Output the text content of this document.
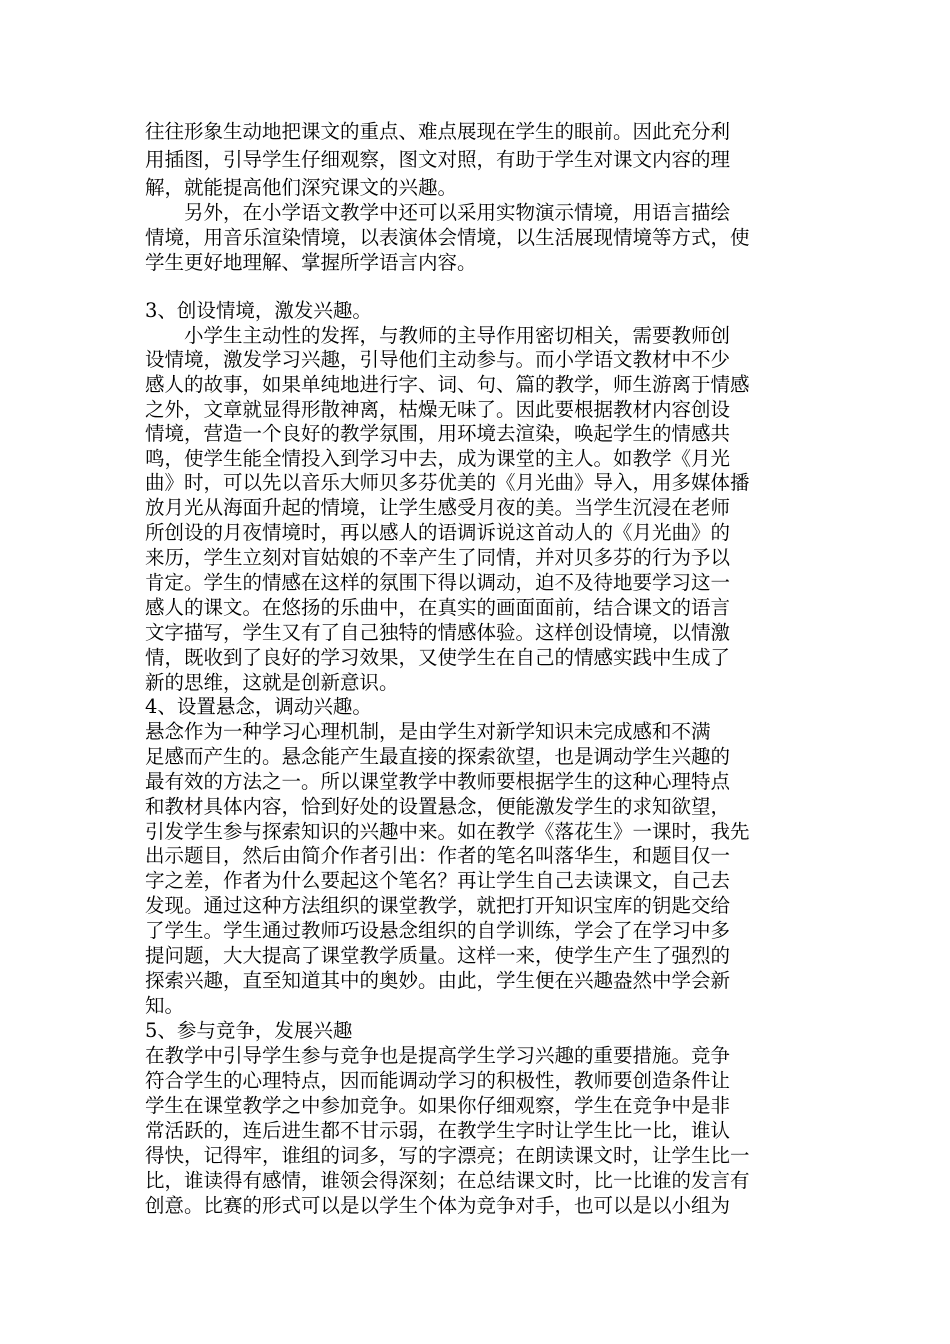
往往形象生动地把课文的重点、难点展现在学生的眼前。因此充分利

用插图，引导学生仔细观察，图文对照，有助于学生对课文内容的理

解，就能提高他们深究课文的兴趣。

　　另外，在小学语文教学中还可以采用实物演示情境，用语言描绘

情境，用音乐渲染情境，以表演体会情境，以生活展现情境等方式，使

学生更好地理解、掌握所学语言内容。

3、创设情境，激发兴趣。

　　小学生主动性的发挥，与教师的主导作用密切相关，需要教师创

设情境，激发学习兴趣，引导他们主动参与。而小学语文教材中不少

感人的故事，如果单纯地进行字、词、句、篇的教学，师生游离于情感

之外，文章就显得形散神离，枯燥无味了。因此要根据教材内容创设

情境，营造一个良好的教学氛围，用环境去渲染，唤起学生的情感共

鸣，使学生能全情投入到学习中去，成为课堂的主人。如教学《月光

曲》时，可以先以音乐大师贝多芬优美的《月光曲》导入，用多媒体播

放月光从海面升起的情境，让学生感受月夜的美。当学生沉浸在老师

所创设的月夜情境时，再以感人的语调诉说这首动人的《月光曲》的

来历，学生立刻对盲姑娘的不幸产生了同情，并对贝多芬的行为予以

肯定。学生的情感在这样的氛围下得以调动，迫不及待地要学习这一

感人的课文。在悠扬的乐曲中，在真实的画面面前，结合课文的语言

文字描写，学生又有了自己独特的情感体验。这样创设情境，以情激

情，既收到了良好的学习效果，又使学生在自己的情感实践中生成了

新的思维，这就是创新意识。

4、设置悬念，调动兴趣。

悬念作为一种学习心理机制，是由学生对新学知识未完成感和不满

足感而产生的。悬念能产生最直接的探索欲望，也是调动学生兴趣的

最有效的方法之一。所以课堂教学中教师要根据学生的这种心理特点

和教材具体内容，恰到好处的设置悬念，便能激发学生的求知欲望，

引发学生参与探索知识的兴趣中来。如在教学《落花生》一课时，我先

出示题目，然后由简介作者引出：作者的笔名叫落华生，和题目仅一

字之差，作者为什么要起这个笔名？再让学生自己去读课文，自己去

发现。通过这种方法组织的课堂教学，就把打开知识宝库的钥匙交给

了学生。学生通过教师巧设悬念组织的自学训练，学会了在学习中多

提问题，大大提高了课堂教学质量。这样一来，使学生产生了强烈的

探索兴趣，直至知道其中的奥妙。由此，学生便在兴趣盎然中学会新

知。

5、参与竞争，发展兴趣

在教学中引导学生参与竞争也是提高学生学习兴趣的重要措施。竞争

符合学生的心理特点，因而能调动学习的积极性，教师要创造条件让

学生在课堂教学之中参加竞争。如果你仔细观察，学生在竞争中是非

常活跃的，连后进生都不甘示弱，在教学生字时让学生比一比，谁认

得快，记得牢，谁组的词多，写的字漂亮；在朗读课文时，让学生比一

比，谁读得有感情，谁领会得深刻；在总结课文时，比一比谁的发言有

创意。比赛的形式可以是以学生个体为竞争对手，也可以是以小组为
